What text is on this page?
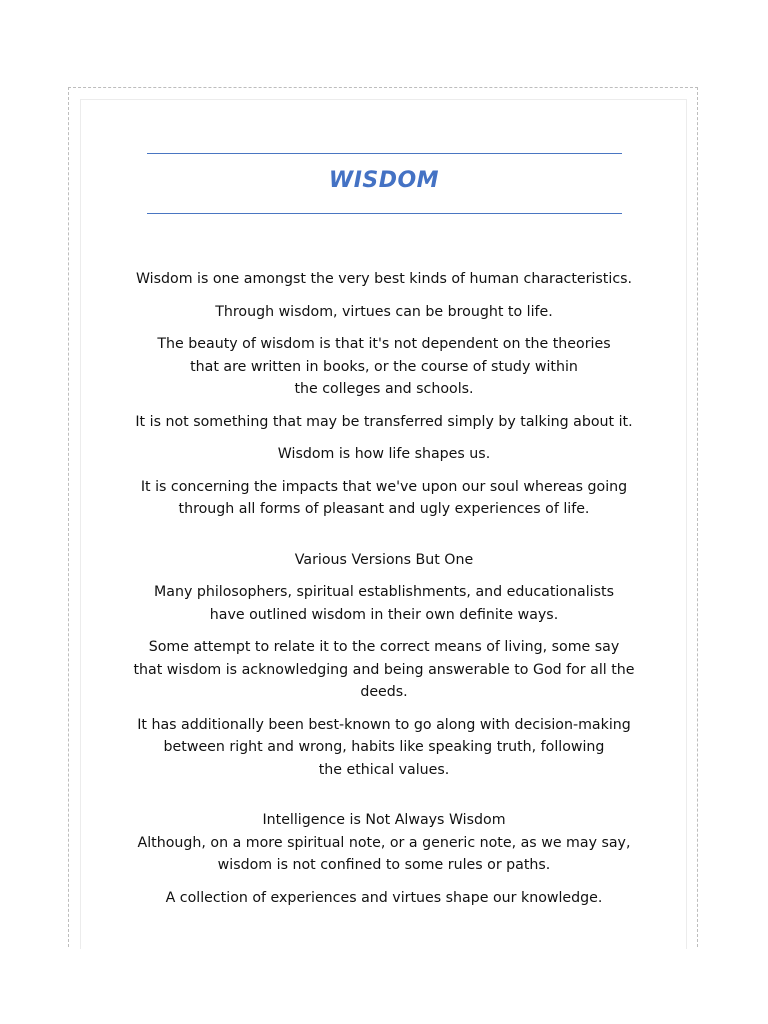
WISDOM

Wisdom is one amongst the very best kinds of human characteristics.

Through wisdom, virtues can be brought to life.

The beauty of wisdom is that it's not dependent on the theories
that are written in books, or the course of study within
the colleges and schools.

It is not something that may be transferred simply by talking about it.

Wisdom is how life shapes us.

It is concerning the impacts that we've upon our soul whereas going
through all forms of pleasant and ugly experiences of life.

Various Versions But One

Many philosophers, spiritual establishments, and educationalists
have outlined wisdom in their own definite ways.

Some attempt to relate it to the correct means of living, some say
that wisdom is acknowledging and being answerable to God for all the
deeds.

It has additionally been best-known to go along with decision-making
between right and wrong, habits like speaking truth, following
the ethical values.

Intelligence is Not Always Wisdom

Although, on a more spiritual note, or a generic note, as we may say,
wisdom is not confined to some rules or paths.

A collection of experiences and virtues shape our knowledge.
